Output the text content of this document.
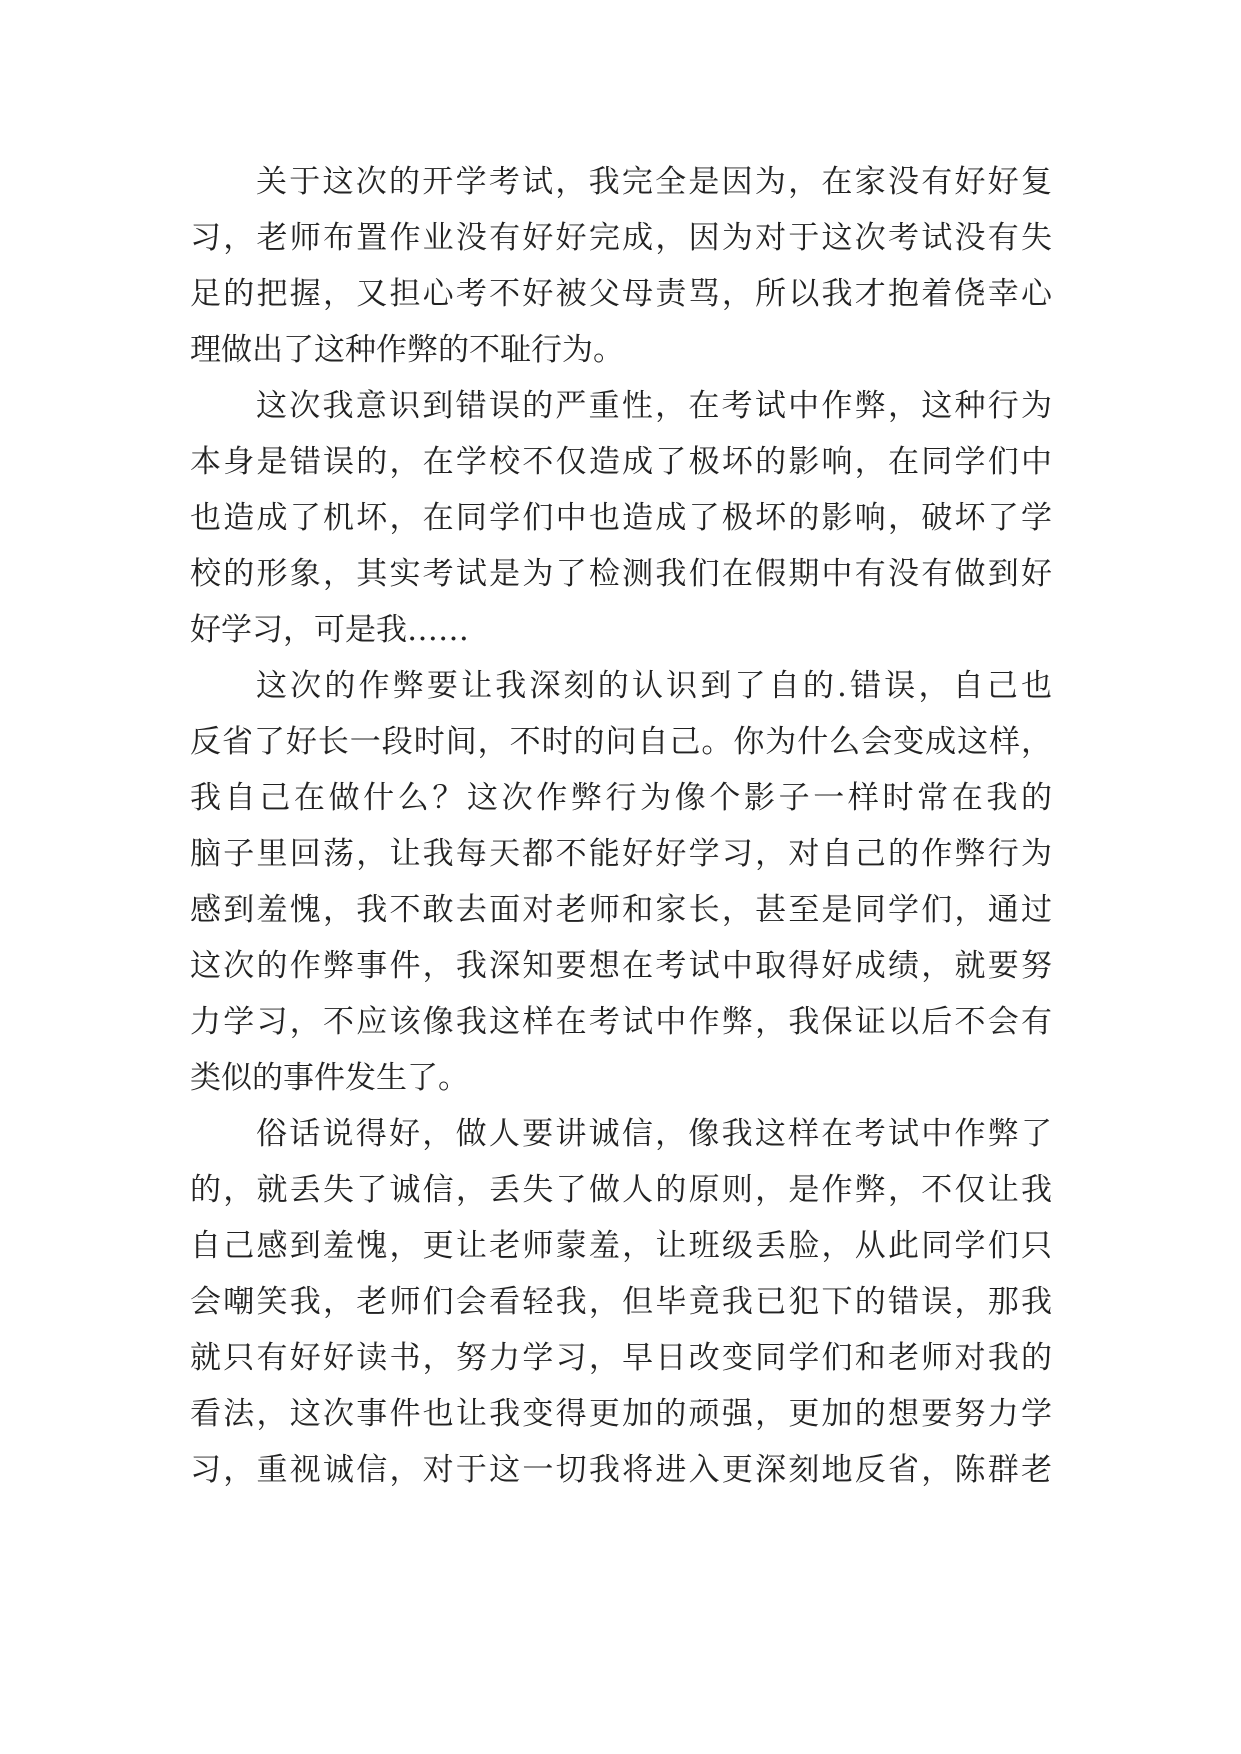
关于这次的开学考试，我完全是因为，在家没有好好复
习，老师布置作业没有好好完成，因为对于这次考试没有失
足的把握，又担心考不好被父母责骂，所以我才抱着侥幸心
理做出了这种作弊的不耻行为。
这次我意识到错误的严重性，在考试中作弊，这种行为
本身是错误的，在学校不仅造成了极坏的影响，在同学们中
也造成了机坏，在同学们中也造成了极坏的影响，破坏了学
校的形象，其实考试是为了检测我们在假期中有没有做到好
好学习，可是我……
这次的作弊要让我深刻的认识到了自的.错误，自己也
反省了好长一段时间，不时的问自己。你为什么会变成这样，
我自己在做什么？这次作弊行为像个影子一样时常在我的
脑子里回荡，让我每天都不能好好学习，对自己的作弊行为
感到羞愧，我不敢去面对老师和家长，甚至是同学们，通过
这次的作弊事件，我深知要想在考试中取得好成绩，就要努
力学习，不应该像我这样在考试中作弊，我保证以后不会有
类似的事件发生了。
俗话说得好，做人要讲诚信，像我这样在考试中作弊了
的，就丢失了诚信，丢失了做人的原则，是作弊，不仅让我
自己感到羞愧，更让老师蒙羞，让班级丢脸，从此同学们只
会嘲笑我，老师们会看轻我，但毕竟我已犯下的错误，那我
就只有好好读书，努力学习，早日改变同学们和老师对我的
看法，这次事件也让我变得更加的顽强，更加的想要努力学
习，重视诚信，对于这一切我将进入更深刻地反省，陈群老
